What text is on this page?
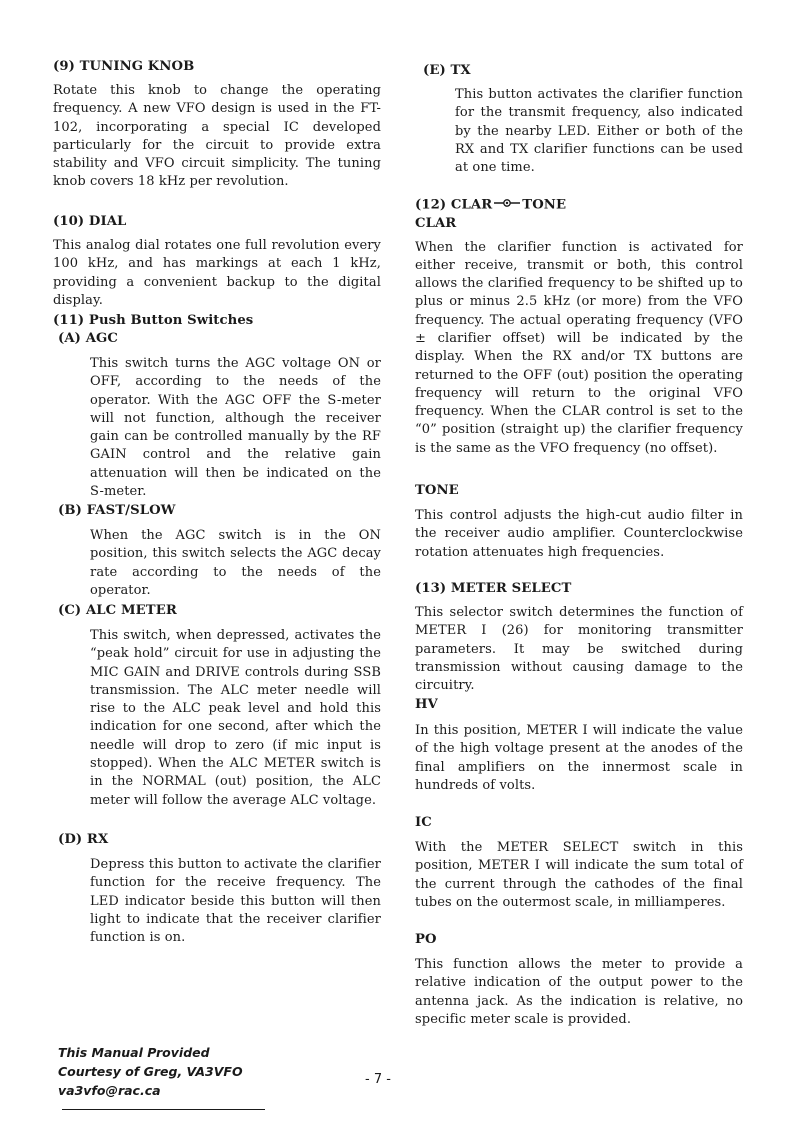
(9) TUNING KNOB

Rotate this knob to change the operating frequency. A new VFO design is used in the FT-102, incorporating a special IC developed particularly for the circuit to provide extra stability and VFO circuit simplicity. The tuning knob covers 18 kHz per revolution.

(10) DIAL

This analog dial rotates one full revolution every 100 kHz, and has markings at each 1 kHz, providing a convenient backup to the digital display.

(11) Push Button Switches
(A) AGC

This switch turns the AGC voltage ON or OFF, according to the needs of the operator. With the AGC OFF the S-meter will not function, although the receiver gain can be controlled manually by the RF GAIN control and the relative gain attenuation will then be indicated on the S-meter.

(B) FAST/SLOW

When the AGC switch is in the ON position, this switch selects the AGC decay rate according to the needs of the operator.

(C) ALC METER

This switch, when depressed, activates the “peak hold” circuit for use in adjusting the MIC GAIN and DRIVE controls during SSB transmission. The ALC meter needle will rise to the ALC peak level and hold this indication for one second, after which the needle will drop to zero (if mic input is stopped). When the ALC METER switch is in the NORMAL (out) position, the ALC meter will follow the average ALC voltage.

(D) RX

Depress this button to activate the clarifier function for the receive frequency. The LED indicator beside this button will then light to indicate that the receiver clarifier function is on.

(E) TX

This button activates the clarifier function for the transmit frequency, also indicated by the nearby LED. Either or both of the RX and TX clarifier functions can be used at one time.

(12) CLAR TONE
CLAR

When the clarifier function is activated for either receive, transmit or both, this control allows the clarified frequency to be shifted up to plus or minus 2.5 kHz (or more) from the VFO frequency. The actual operating frequency (VFO ± clarifier offset) will be indicated by the display. When the RX and/or TX buttons are returned to the OFF (out) position the operating frequency will return to the original VFO frequency. When the CLAR control is set to the “0” position (straight up) the clarifier frequency is the same as the VFO frequency (no offset).

TONE

This control adjusts the high-cut audio filter in the receiver audio amplifier. Counterclockwise rotation attenuates high frequencies.

(13) METER SELECT

This selector switch determines the function of METER I (26) for monitoring transmitter parameters. It may be switched during transmission without causing damage to the circuitry.

HV

In this position, METER I will indicate the value of the high voltage present at the anodes of the final amplifiers on the innermost scale in hundreds of volts.

IC

With the METER SELECT switch in this position, METER I will indicate the sum total of the current through the cathodes of the final tubes on the outermost scale, in milliamperes.

PO

This function allows the meter to provide a relative indication of the output power to the antenna jack. As the indication is relative, no specific meter scale is provided.

This Manual Provided
Courtesy of Greg, VA3VFO
va3vfo@rac.ca
- 7 -
